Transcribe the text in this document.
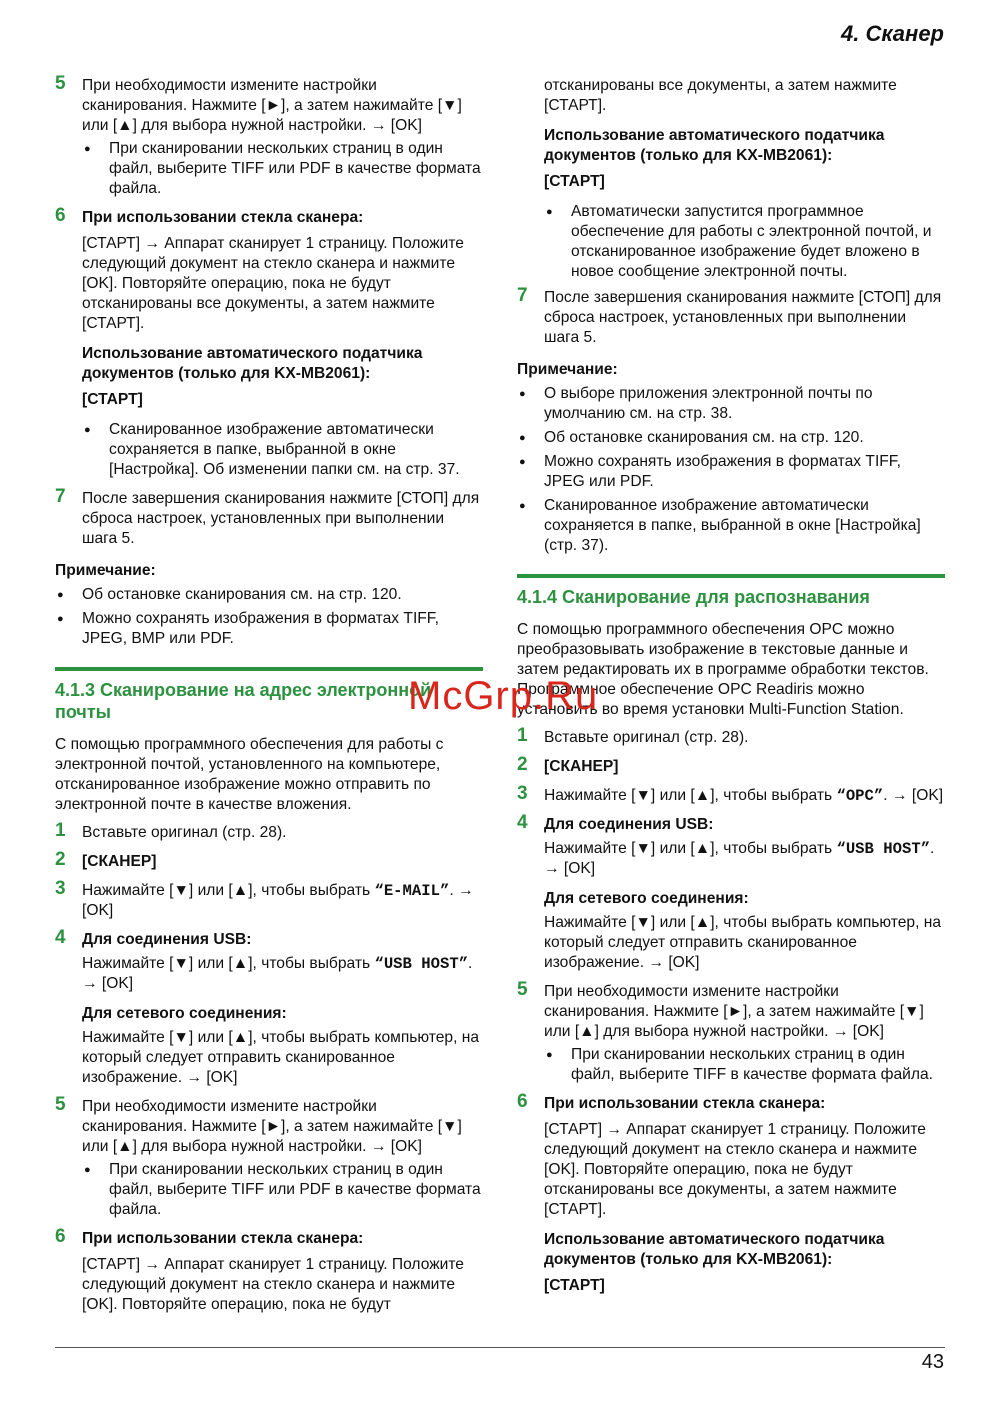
4. Сканер
5 При необходимости измените настройки сканирования. Нажмите [►], а затем нажимайте [▼] или [▲] для выбора нужной настройки. → [OK]

● При сканировании нескольких страниц в один файл, выберите TIFF или PDF в качестве формата файла.
6 При использовании стекла сканера:

[СТАРТ] → Аппарат сканирует 1 страницу. Положите следующий документ на стекло сканера и нажмите [OK]. Повторяйте операцию, пока не будут отсканированы все документы, а затем нажмите [СТАРТ].

Использование автоматического податчика документов (только для KX-MB2061):

[СТАРТ]

● Сканированное изображение автоматически сохраняется в папке, выбранной в окне [Настройка]. Об изменении папки см. на стр. 37.
7 После завершения сканирования нажмите [СТОП] для сброса настроек, установленных при выполнении шага 5.

Примечание:

● Об остановке сканирования см. на стр. 120.
● Можно сохранять изображения в форматах TIFF, JPEG, BMP или PDF.
4.1.3 Сканирование на адрес электронной почты

С помощью программного обеспечения для работы с электронной почтой, установленного на компьютере, отсканированное изображение можно отправить по электронной почте в качестве вложения.

1 Вставьте оригинал (стр. 28).

2 [СКАНЕР]

3 Нажимайте [▼] или [▲], чтобы выбрать “E-MAIL”. → [OK]

4 Для соединения USB:

Нажимайте [▼] или [▲], чтобы выбрать “USB HOST”. → [OK]

Для сетевого соединения:

Нажимайте [▼] или [▲], чтобы выбрать компьютер, на который следует отправить сканированное изображение. → [OK]

5 При необходимости измените настройки сканирования. Нажмите [►], а затем нажимайте [▼] или [▲] для выбора нужной настройки. → [OK]

● При сканировании нескольких страниц в один файл, выберите TIFF или PDF в качестве формата файла.
6 При использовании стекла сканера:

[СТАРТ] → Аппарат сканирует 1 страницу. Положите следующий документ на стекло сканера и нажмите [OK]. Повторяйте операцию, пока не будут

отсканированы все документы, а затем нажмите [СТАРТ].

Использование автоматического податчика документов (только для KX-MB2061):

[СТАРТ]

● Автоматически запустится программное обеспечение для работы с электронной почтой, и отсканированное изображение будет вложено в новое сообщение электронной почты.
7 После завершения сканирования нажмите [СТОП] для сброса настроек, установленных при выполнении шага 5.

Примечание:

● О выборе приложения электронной почты по умолчанию см. на стр. 38.
● Об остановке сканирования см. на стр. 120.
● Можно сохранять изображения в форматах TIFF, JPEG или PDF.
● Сканированное изображение автоматически сохраняется в папке, выбранной в окне [Настройка] (стр. 37).
4.1.4 Сканирование для распознавания

С помощью программного обеспечения OPC можно преобразовывать изображение в текстовые данные и затем редактировать их в программе обработки текстов. Программное обеспечение OPC Readiris можно установить во время установки Multi-Function Station.

1 Вставьте оригинал (стр. 28).

2 [СКАНЕР]

3 Нажимайте [▼] или [▲], чтобы выбрать “OPC”. → [OK]

4 Для соединения USB:

Нажимайте [▼] или [▲], чтобы выбрать “USB HOST”. → [OK]

Для сетевого соединения:

Нажимайте [▼] или [▲], чтобы выбрать компьютер, на который следует отправить сканированное изображение. → [OK]

5 При необходимости измените настройки сканирования. Нажмите [►], а затем нажимайте [▼] или [▲] для выбора нужной настройки. → [OK]

● При сканировании нескольких страниц в один файл, выберите TIFF в качестве формата файла.
6 При использовании стекла сканера:

[СТАРТ] → Аппарат сканирует 1 страницу. Положите следующий документ на стекло сканера и нажмите [OK]. Повторяйте операцию, пока не будут отсканированы все документы, а затем нажмите [СТАРТ].

Использование автоматического податчика документов (только для KX-MB2061):

[СТАРТ]

McGrp.Ru
43
